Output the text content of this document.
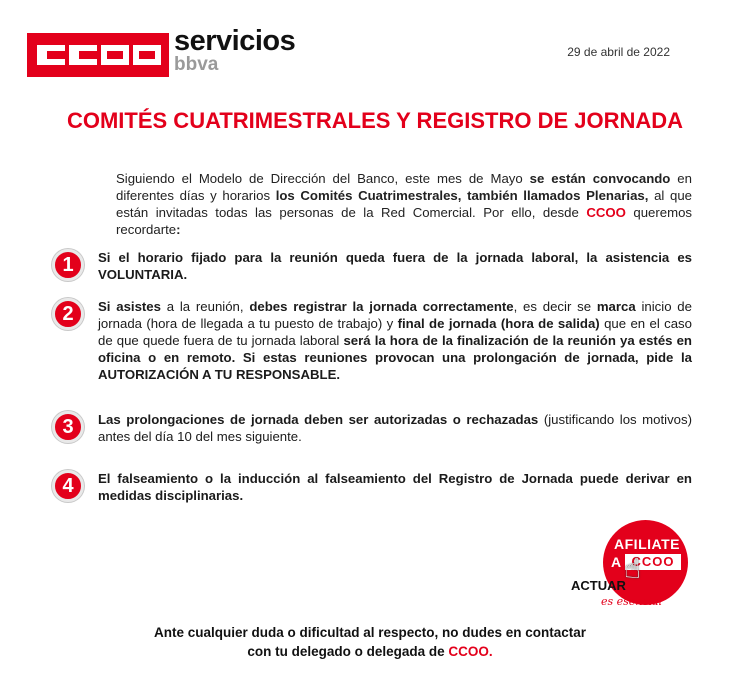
servicios
bbva
29 de abril de 2022
COMITÉS CUATRIMESTRALES Y REGISTRO DE JORNADA

Siguiendo el Modelo de Dirección del Banco, este mes de Mayo se están convocando en diferentes días y horarios los Comités Cuatrimestrales, también llamados Plenarias, al que están invitadas todas las personas de la Red Comercial. Por ello, desde CCOO queremos recordarte:

1	Si el horario fijado para la reunión queda fuera de la jornada laboral, la asistencia es VOLUNTARIA.

2	Si asistes a la reunión, debes registrar la jornada correctamente, es decir se marca inicio de jornada (hora de llegada a tu puesto de trabajo) y final de jornada (hora de salida) que en el caso de que quede fuera de tu jornada laboral será la hora de la finalización de la reunión ya estés en oficina o en remoto. Si estas reuniones provocan una prolongación de jornada, pide la AUTORIZACIÓN A TU RESPONSABLE.

3	Las prolongaciones de jornada deben ser autorizadas o rechazadas (justificando los motivos) antes del día 10 del mes siguiente.

4	El falseamiento o la inducción al falseamiento del Registro de Jornada puede derivar en medidas disciplinarias.

AFILIATE
A CCOO
☝
ACTUAR
es esencial
Ante cualquier duda o dificultad al respecto, no dudes en contactar
con tu delegado o delegada de CCOO.
